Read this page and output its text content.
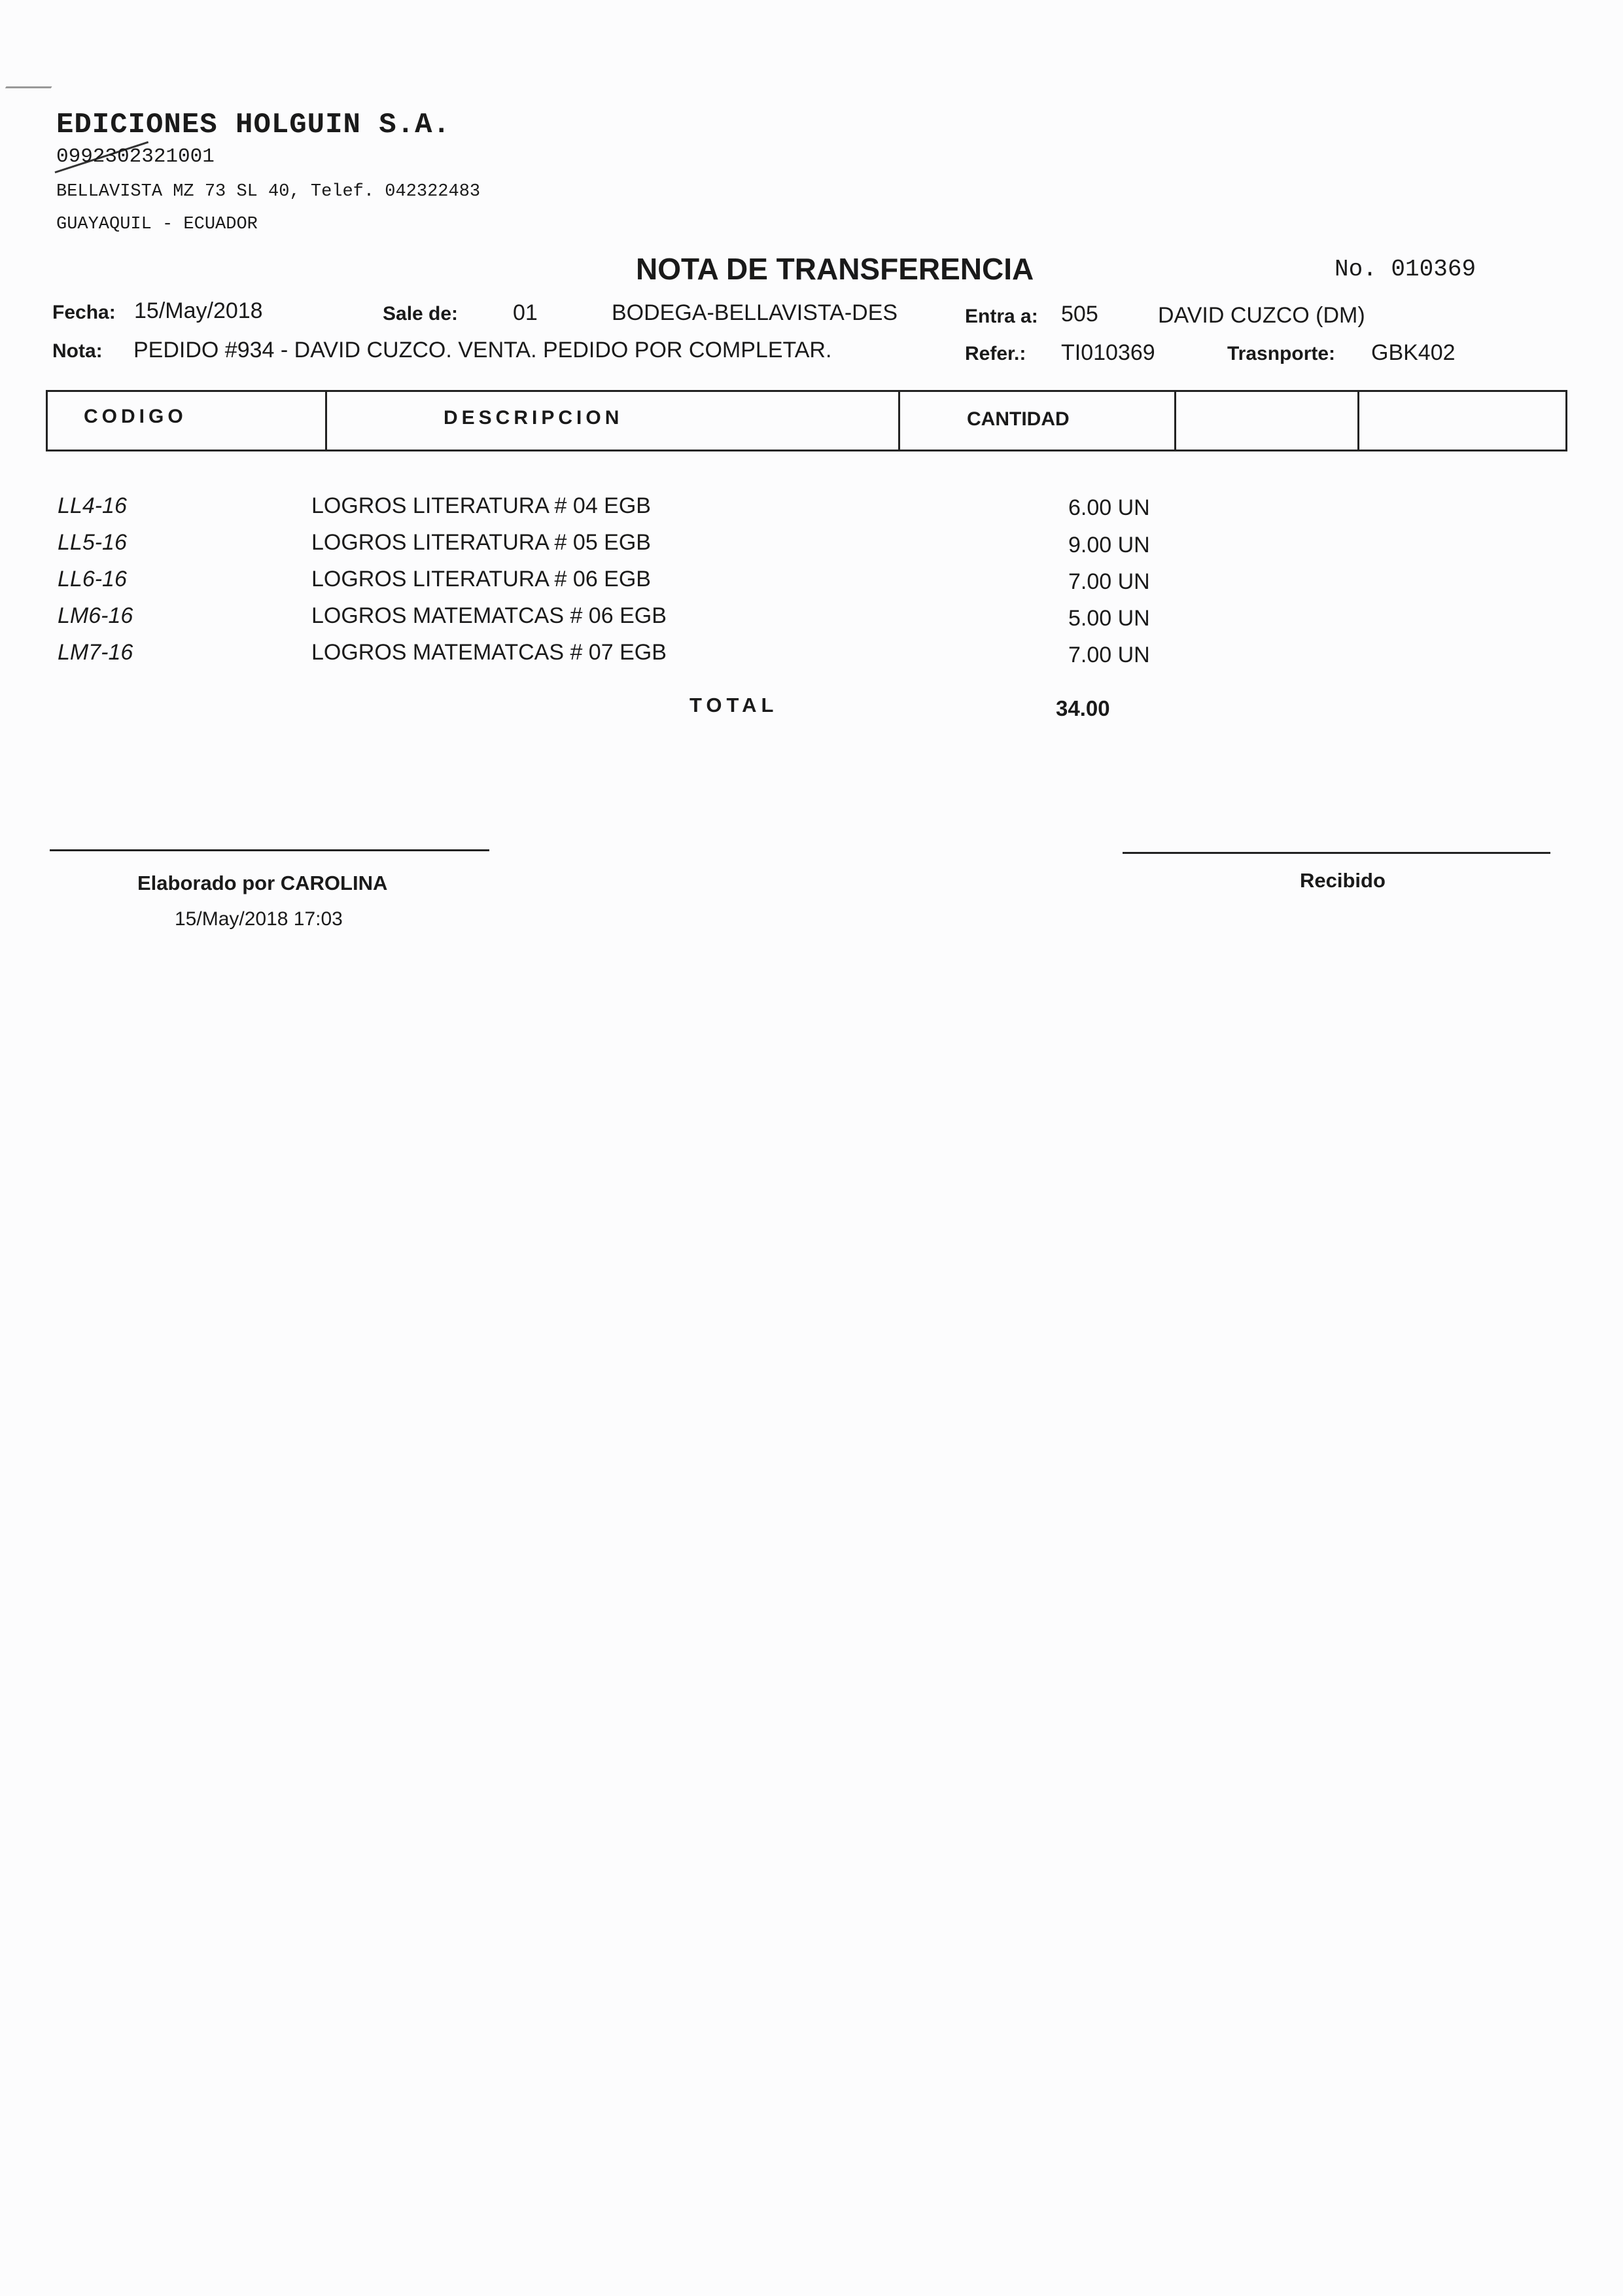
EDICIONES HOLGUIN S.A.
0992302321001
BELLAVISTA MZ 73 SL 40, Telef. 042322483
GUAYAQUIL - ECUADOR
NOTA DE TRANSFERENCIA	No. 010369
Fecha: 15/May/2018	Sale de: 01	BODEGA-BELLAVISTA-DES	Entra a: 505	DAVID CUZCO (DM)
Nota: PEDIDO #934 - DAVID CUZCO. VENTA. PEDIDO POR COMPLETAR.	Refer.: TI010369	Trasnporte: GBK402
CODIGO	DESCRIPCION	CANTIDAD
LL4-16	LOGROS LITERATURA # 04 EGB	6.00 UN
LL5-16	LOGROS LITERATURA # 05 EGB	9.00 UN
LL6-16	LOGROS LITERATURA # 06 EGB	7.00 UN
LM6-16	LOGROS MATEMATCAS # 06 EGB	5.00 UN
LM7-16	LOGROS MATEMATCAS # 07 EGB	7.00 UN
TOTAL	34.00
Elaborado por CAROLINA
15/May/2018 17:03
Recibido
